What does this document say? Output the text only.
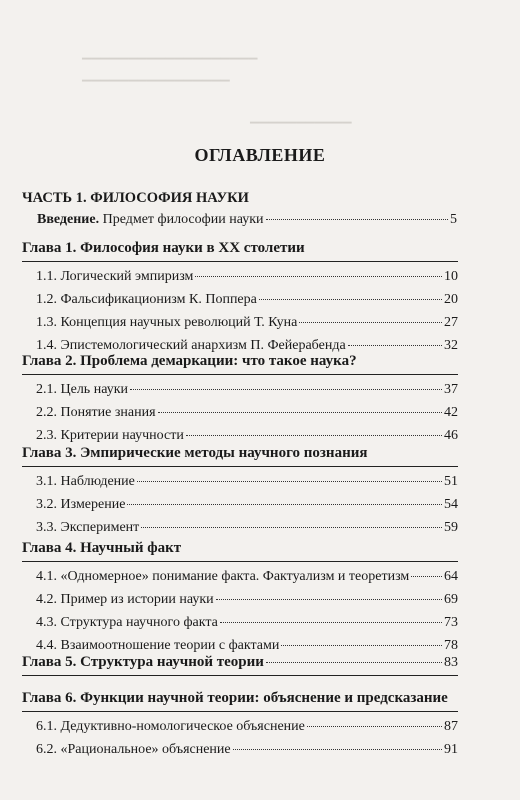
▔▔▔▔▔▔▔▔▔▔▔▔▔▔▔▔▔▔▔
▔▔▔▔▔▔▔▔▔▔▔▔▔▔▔▔
▔▔▔▔▔▔▔▔▔▔▔
ОГЛАВЛЕНИЕ
ЧАСТЬ 1. ФИЛОСОФИЯ НАУКИ
Введение. Предмет философии науки	5
Глава 1. Философия науки в XX столетии
1.1. Логический эмпиризм	10
1.2. Фальсификационизм К. Поппера	20
1.3. Концепция научных революций Т. Куна	27
1.4. Эпистемологический анархизм П. Фейерабенда	32
Глава 2. Проблема демаркации: что такое наука?
2.1. Цель науки	37
2.2. Понятие знания	42
2.3. Критерии научности	46
Глава 3. Эмпирические методы научного познания
3.1. Наблюдение	51
3.2. Измерение	54
3.3. Эксперимент	59
Глава 4. Научный факт
4.1. «Одномерное» понимание факта. Фактуализм и теоретизм 64
4.2. Пример из истории науки	69
4.3. Структура научного факта	73
4.4. Взаимоотношение теории с фактами	78
Глава 5. Структура научной теории	83
Глава 6. Функции научной теории: объяснение и предсказание
6.1. Дедуктивно-номологическое объяснение	87
6.2. «Рациональное» объяснение	91
